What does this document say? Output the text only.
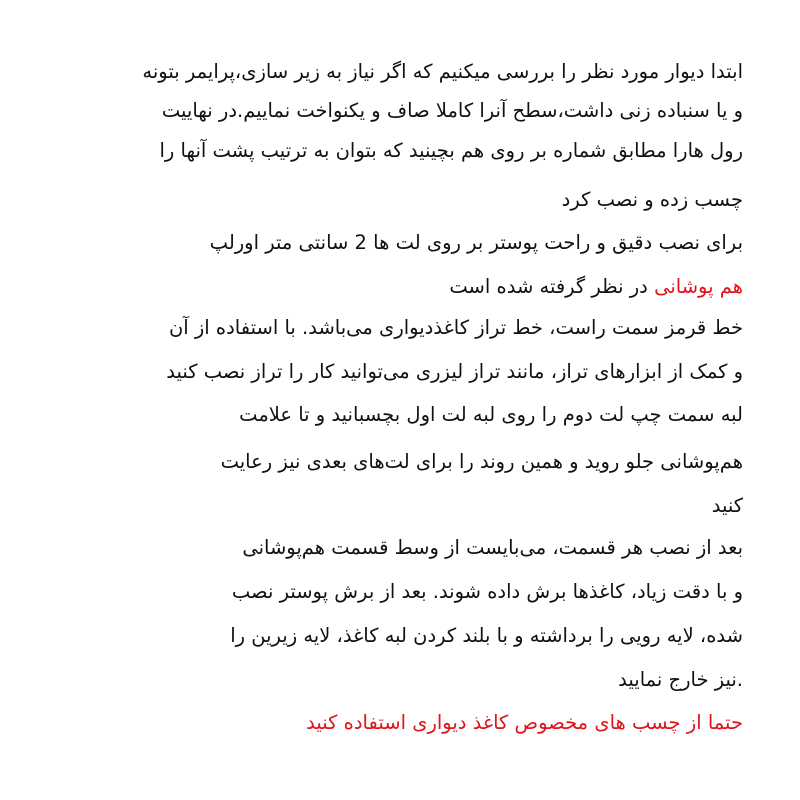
ابتدا دیوار مورد نظر را بررسی میکنیم که اگر نیاز به زیر سازی،پرایمر بتونه
و یا سنباده زنی داشت،سطح آنرا کاملا صاف و یکنواخت نماییم.در نهاییت
رول هارا مطابق شماره بر روی هم بچینید که بتوان به ترتیب پشت آنها را
چسب زده و نصب کرد
برای نصب دقیق و راحت پوستر بر روی لت ها 2 سانتی متر اورلپ
هم پوشانی در نظر گرفته شده است
خط قرمز سمت راست، خط تراز کاغذدیواری می‌باشد. با استفاده از آن
و کمک از ابزارهای تراز، مانند تراز لیزری می‌توانید کار را تراز نصب کنید
لبه سمت چپ لت دوم را روی لبه لت اول بچسبانید و تا علامت
هم‌پوشانی جلو روید و همین روند را برای لت‌های بعدی نیز رعایت
کنید
بعد از نصب هر قسمت، می‌بایست از وسط قسمت هم‌پوشانی
و با دقت زیاد، کاغذها برش داده شوند. بعد از برش پوستر نصب
شده، لایه رویی را برداشته و با بلند کردن لبه کاغذ، لایه زیرین را
.نیز خارج نمایید
حتما از چسب های مخصوص کاغذ دیواری استفاده کنید
